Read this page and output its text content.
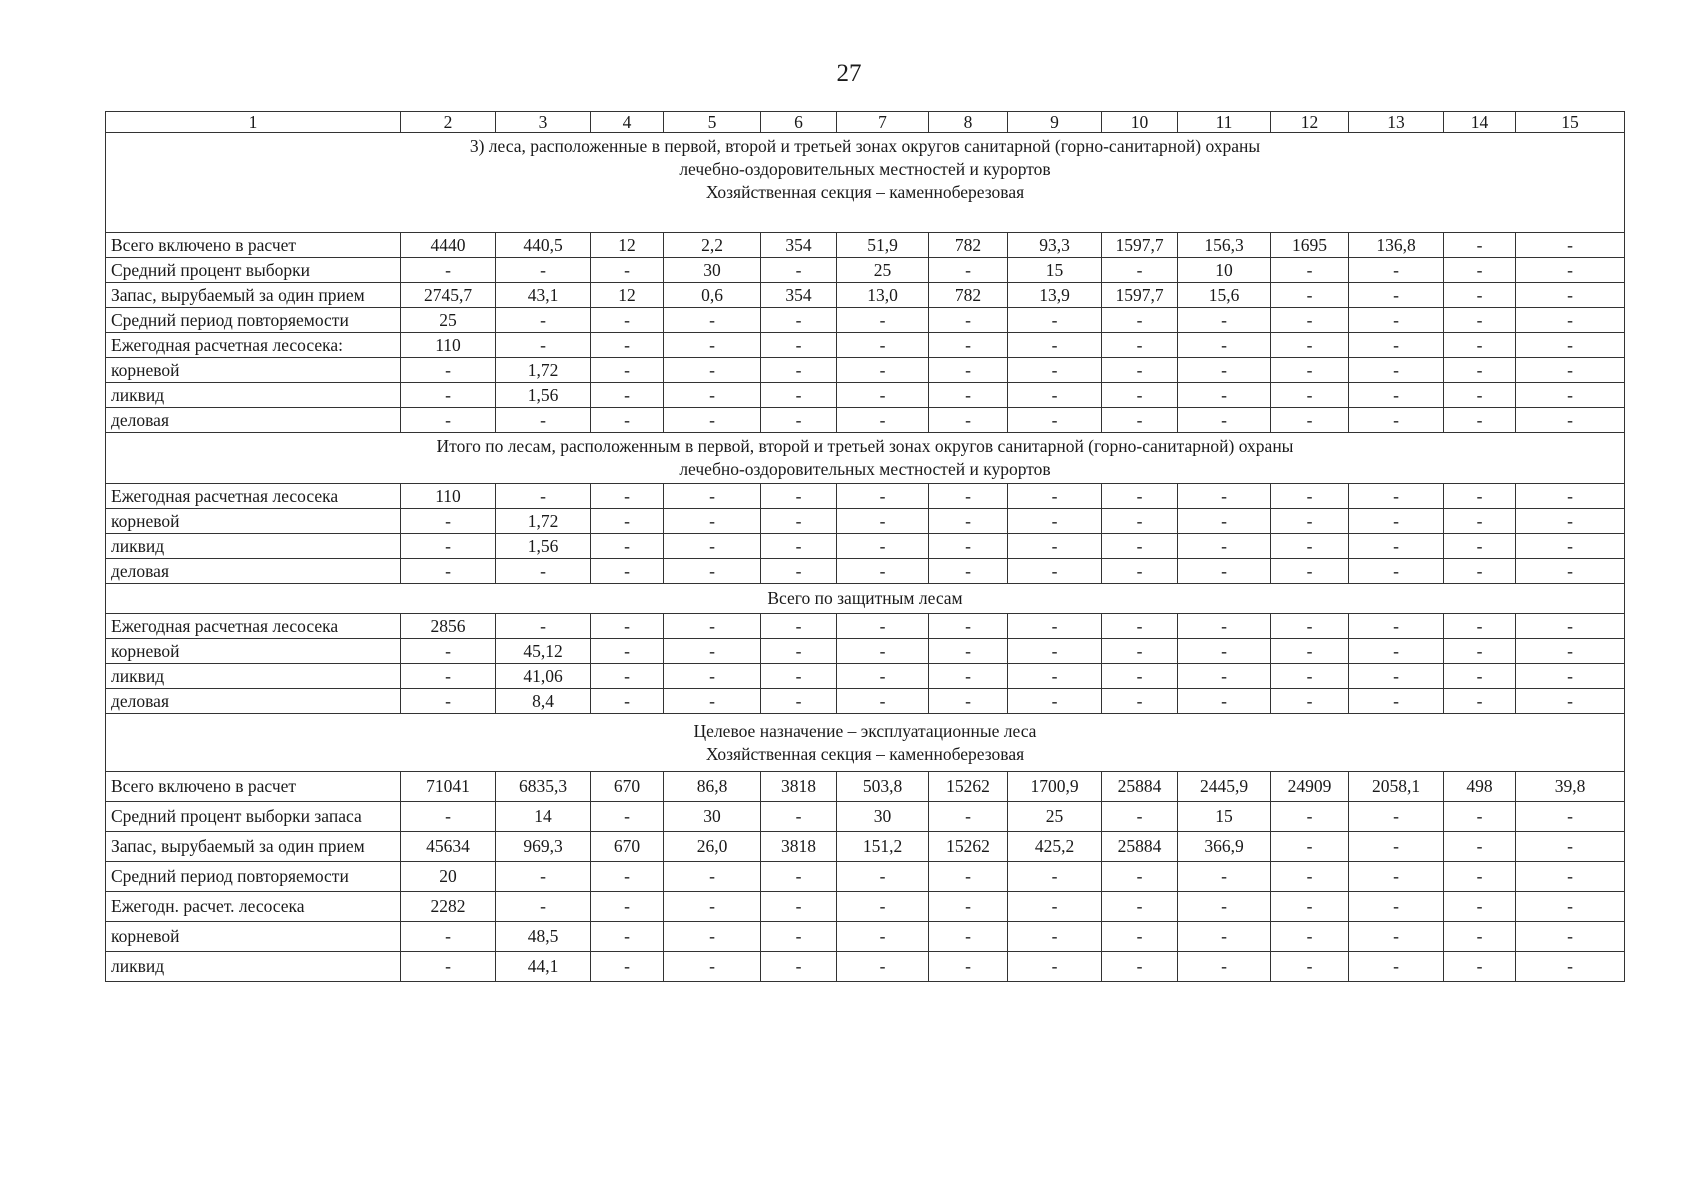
27
1	2	3	4	5	6	7	8	9	10	11	12	13	14	15

3) леса, расположенные в первой, второй и третьей зонах округов санитарной (горно-санитарной) охраны
лечебно-оздоровительных местностей и курортов
Хозяйственная секция – каменноберезовая														

Всего включено в расчет	4440	440,5	12	2,2	354	51,9	782	93,3	1597,7	156,3	1695	136,8	-	-
Средний процент выборки	-	-	-	30	-	25	-	15	-	10	-	-	-	-
Запас, вырубаемый за один прием	2745,7	43,1	12	0,6	354	13,0	782	13,9	1597,7	15,6	-	-	-	-
Средний период повторяемости	25	-	-	-	-	-	-	-	-	-	-	-	-	-
Ежегодная расчетная лесосека:	110	-	-	-	-	-	-	-	-	-	-	-	-	-
корневой	-	1,72	-	-	-	-	-	-	-	-	-	-	-	-
ликвид	-	1,56	-	-	-	-	-	-	-	-	-	-	-	-
деловая	-	-	-	-	-	-	-	-	-	-	-	-	-	-

Итого по лесам, расположенным в первой, второй и третьей зонах округов санитарной (горно-санитарной) охраны
лечебно-оздоровительных местностей и курортов														

Ежегодная расчетная лесосека	110	-	-	-	-	-	-	-	-	-	-	-	-	-
корневой	-	1,72	-	-	-	-	-	-	-	-	-	-	-	-
ликвид	-	1,56	-	-	-	-	-	-	-	-	-	-	-	-
деловая	-	-	-	-	-	-	-	-	-	-	-	-	-	-

Всего по защитным лесам														

Ежегодная расчетная лесосека	2856	-	-	-	-	-	-	-	-	-	-	-	-	-
корневой	-	45,12	-	-	-	-	-	-	-	-	-	-	-	-
ликвид	-	41,06	-	-	-	-	-	-	-	-	-	-	-	-
деловая	-	8,4	-	-	-	-	-	-	-	-	-	-	-	-

Целевое назначение – эксплуатационные леса
Хозяйственная секция – каменноберезовая														

Всего включено в расчет	71041	6835,3	670	86,8	3818	503,8	15262	1700,9	25884	2445,9	24909	2058,1	498	39,8
Средний процент выборки запаса	-	14	-	30	-	30	-	25	-	15	-	-	-	-
Запас, вырубаемый за один прием	45634	969,3	670	26,0	3818	151,2	15262	425,2	25884	366,9	-	-	-	-
Средний период повторяемости	20	-	-	-	-	-	-	-	-	-	-	-	-	-
Ежегодн. расчет. лесосека	2282	-	-	-	-	-	-	-	-	-	-	-	-	-
корневой	-	48,5	-	-	-	-	-	-	-	-	-	-	-	-
ликвид	-	44,1	-	-	-	-	-	-	-	-	-	-	-	-
